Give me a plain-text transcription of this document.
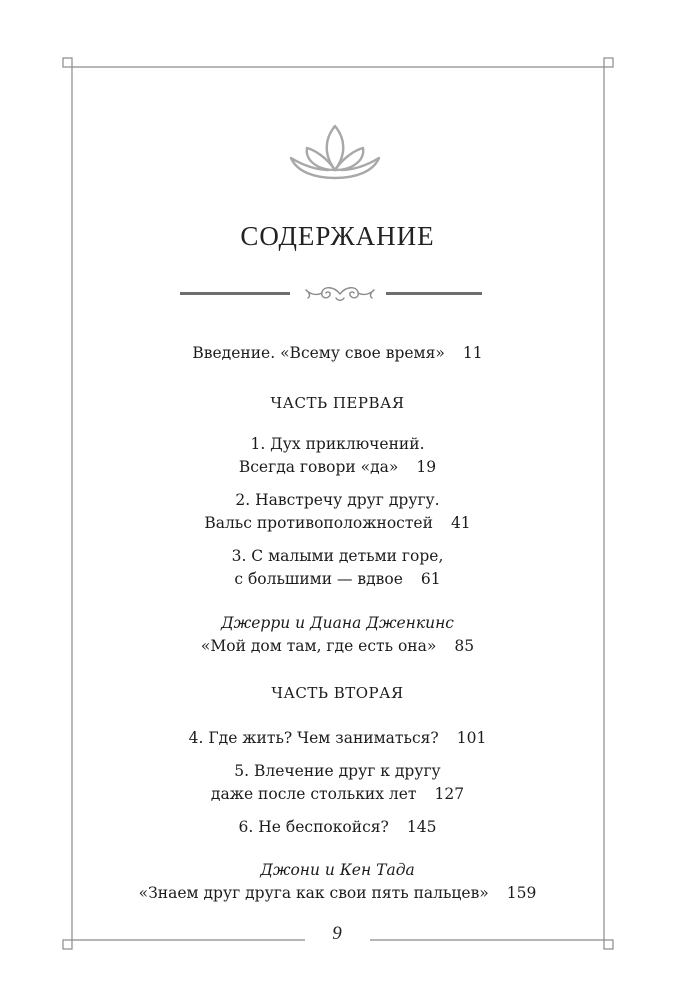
СОДЕРЖАНИЕ
Введение. «Всему свое время» 11
ЧАСТЬ ПЕРВАЯ
1. Дух приключений.
Всегда говори «да» 19
2. Навстречу друг другу.
Вальс противоположностей 41
3. С малыми детьми горе,
с большими — вдвое 61
Джерри и Диана Дженкинс
«Мой дом там, где есть она» 85
ЧАСТЬ ВТОРАЯ
4. Где жить? Чем заниматься? 101
5. Влечение друг к другу
даже после стольких лет 127
6. Не беспокойся? 145
Джони и Кен Тада
«Знаем друг друга как свои пять пальцев» 159
9
